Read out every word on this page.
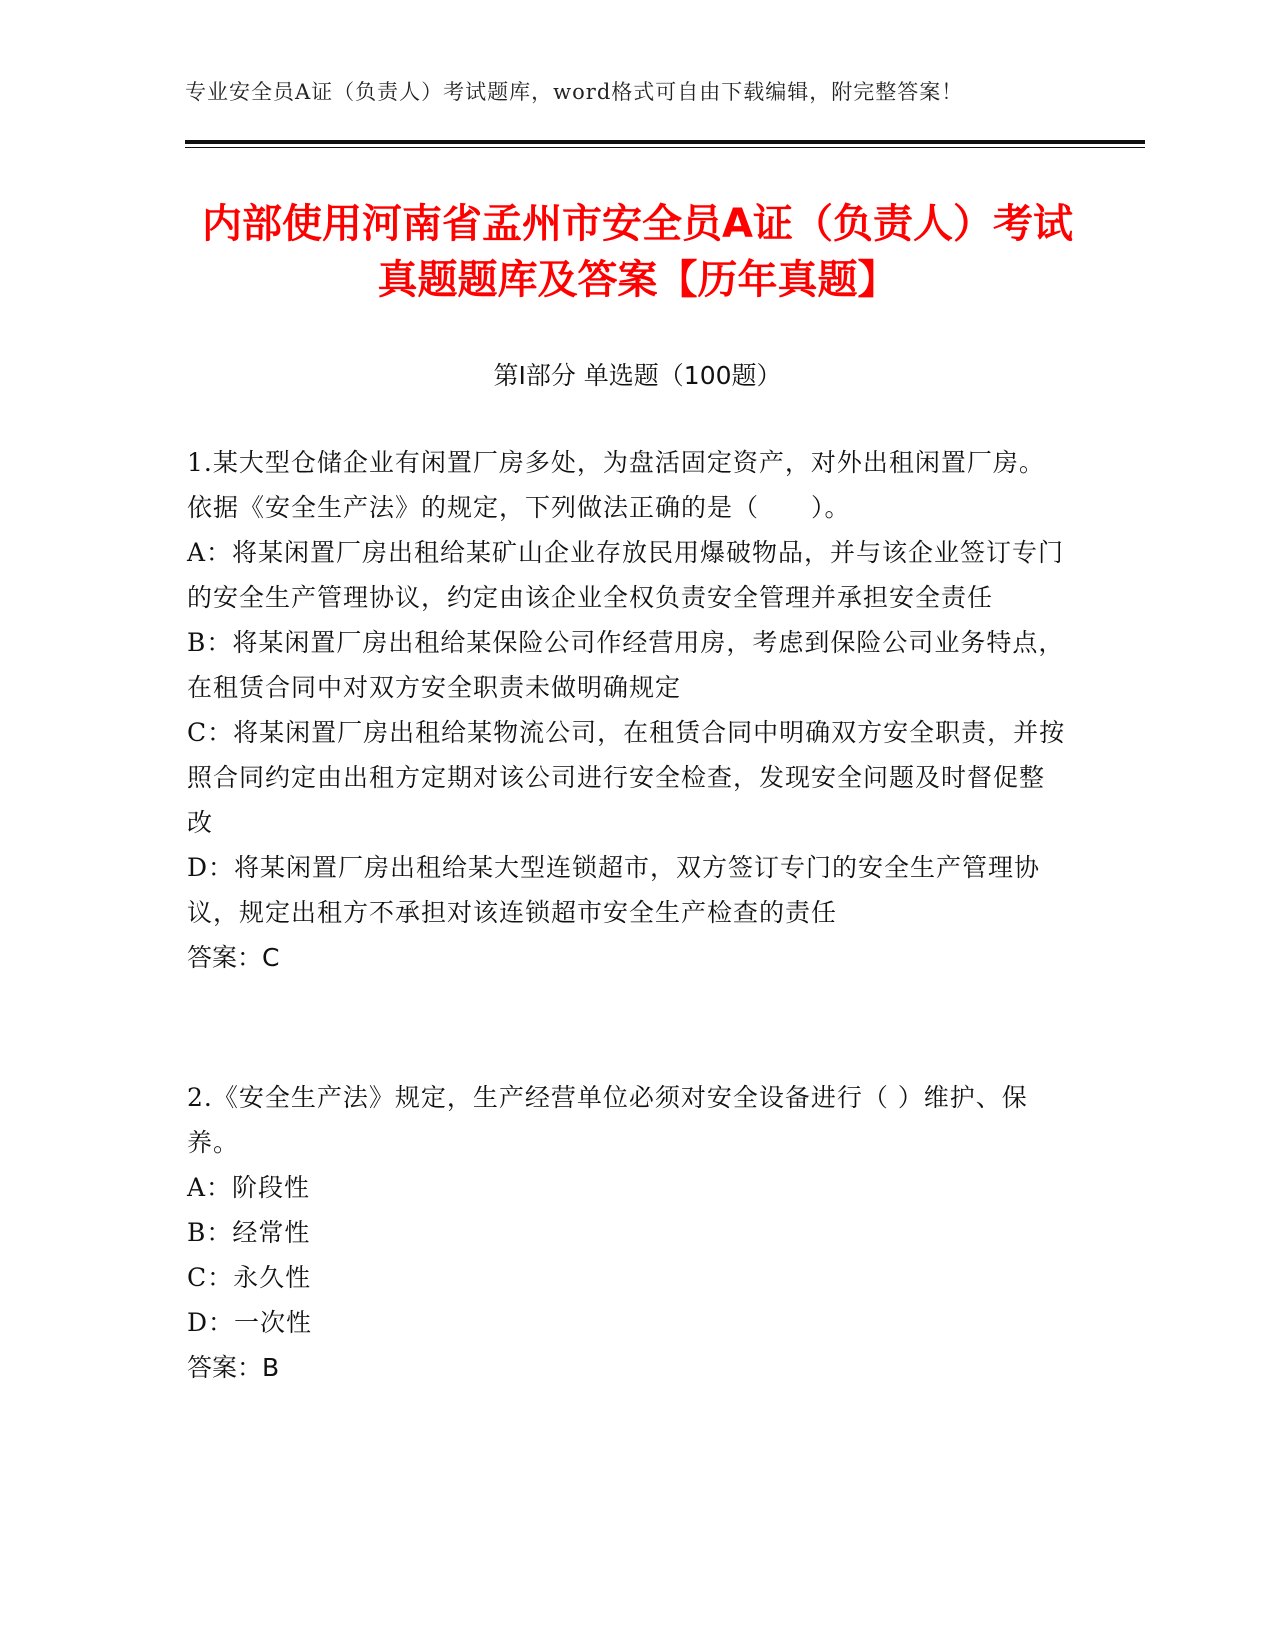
专业安全员A证（负责人）考试题库，word格式可自由下载编辑，附完整答案！
内部使用河南省孟州市安全员A证（负责人）考试真题题库及答案【历年真题】
第I部分 单选题（100题）
1.某大型仓储企业有闲置厂房多处，为盘活固定资产，对外出租闲置厂房。依据《安全生产法》的规定，下列做法正确的是（　　）。
A：将某闲置厂房出租给某矿山企业存放民用爆破物品，并与该企业签订专门的安全生产管理协议，约定由该企业全权负责安全管理并承担安全责任
B：将某闲置厂房出租给某保险公司作经营用房，考虑到保险公司业务特点，在租赁合同中对双方安全职责未做明确规定
C：将某闲置厂房出租给某物流公司，在租赁合同中明确双方安全职责，并按照合同约定由出租方定期对该公司进行安全检查，发现安全问题及时督促整改
D：将某闲置厂房出租给某大型连锁超市，双方签订专门的安全生产管理协议，规定出租方不承担对该连锁超市安全生产检查的责任
答案：C
2.《安全生产法》规定，生产经营单位必须对安全设备进行（ ）维护、保养。
A：阶段性
B：经常性
C：永久性
D：一次性
答案：B
